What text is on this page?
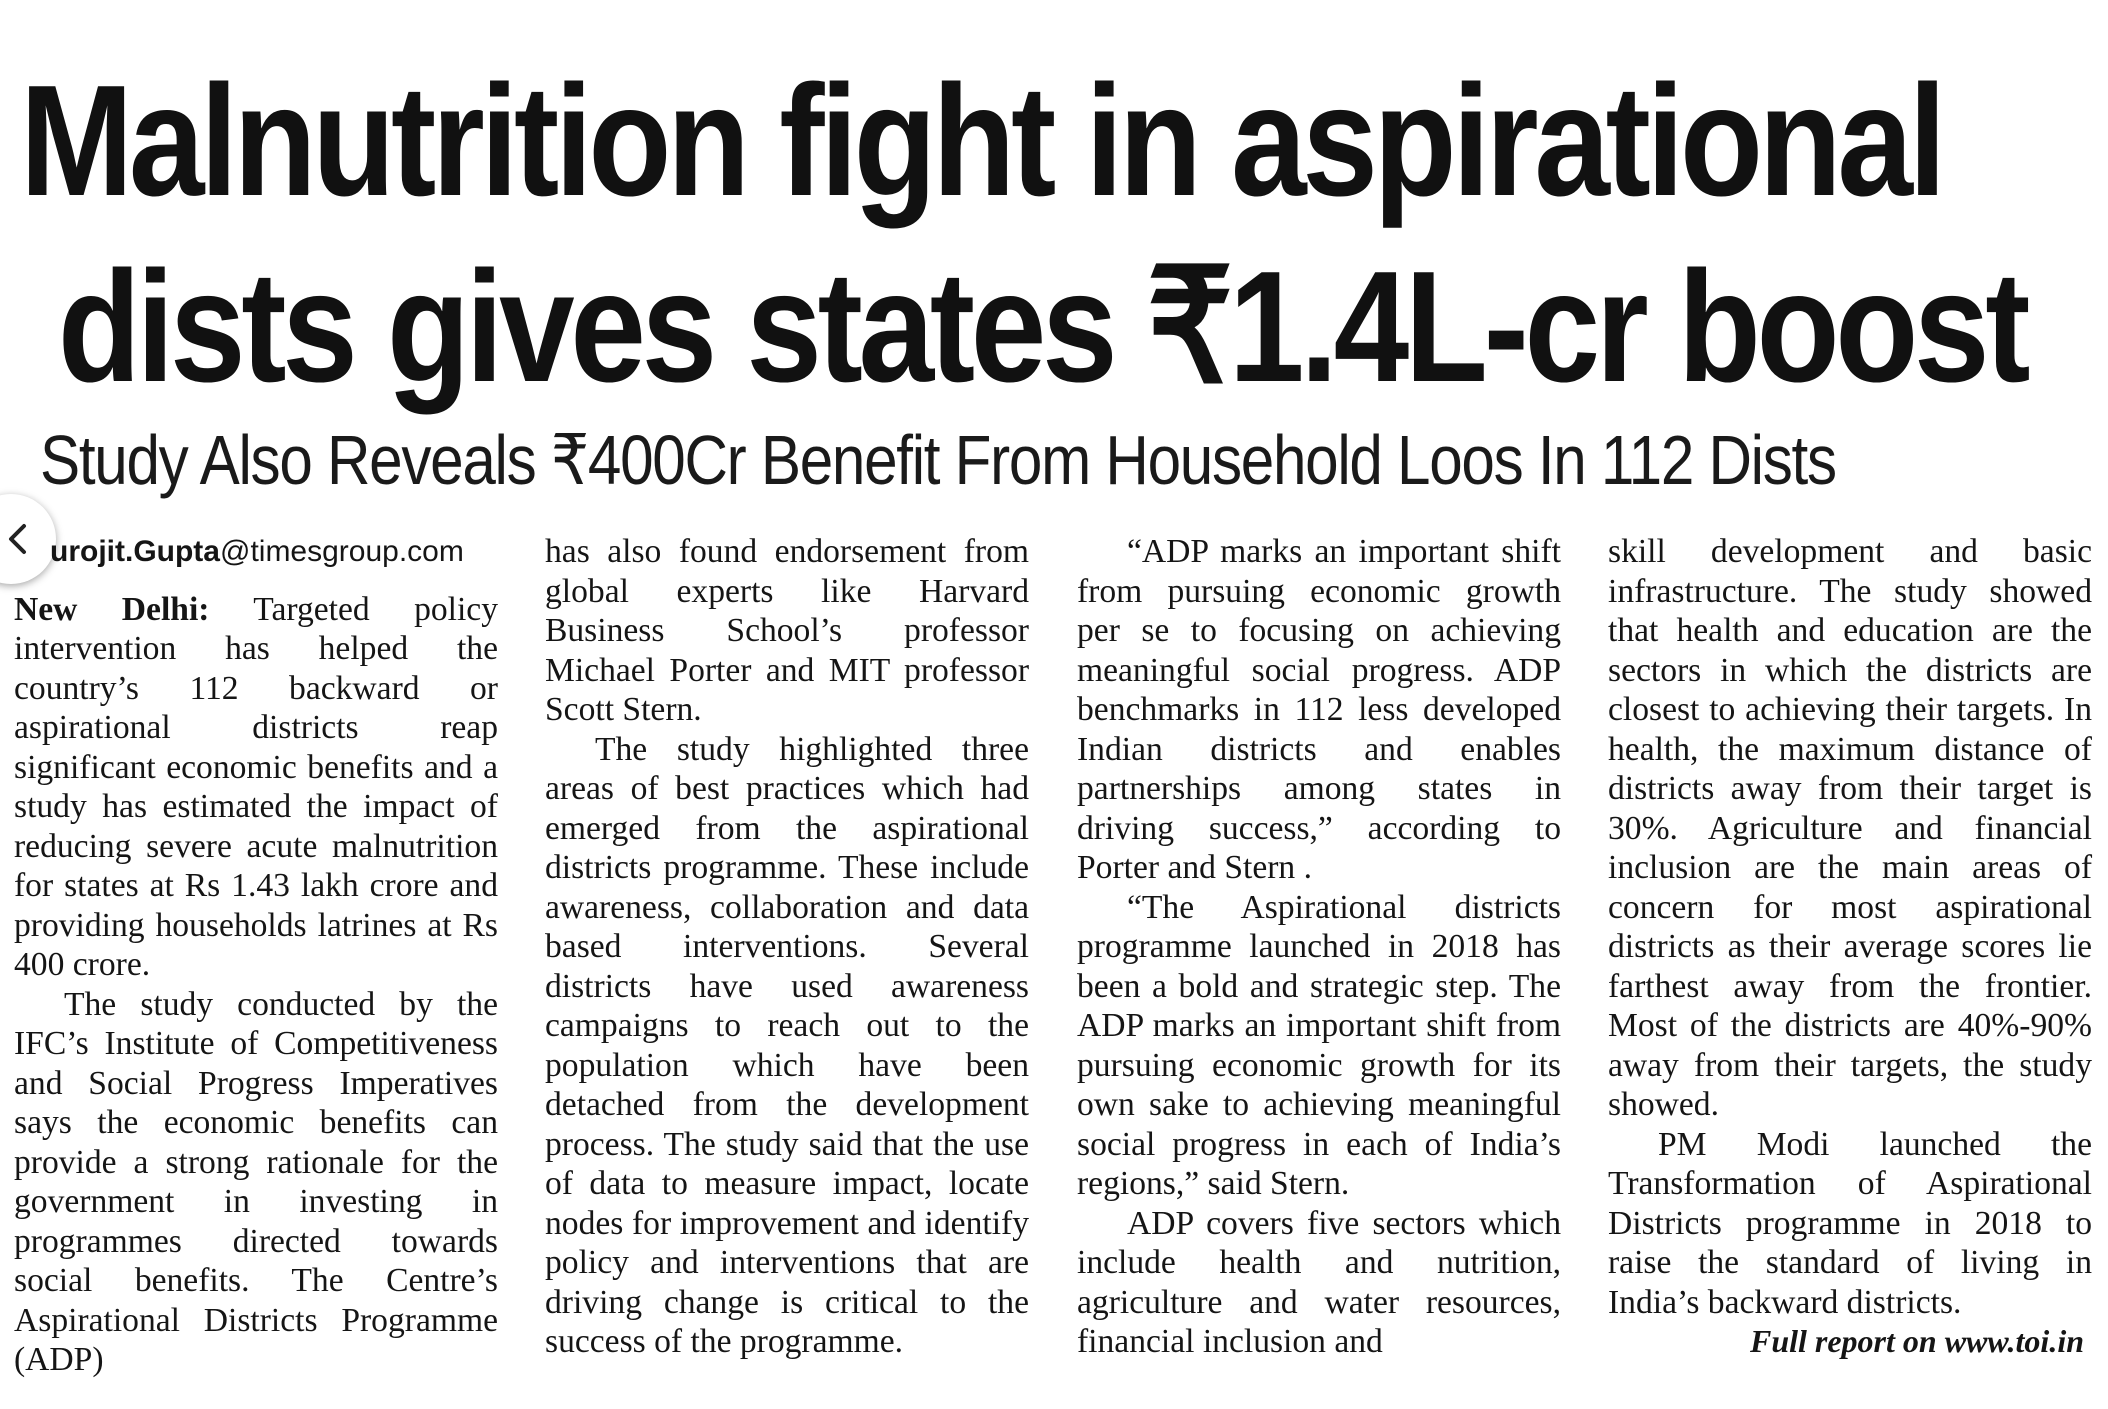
Malnutrition fight in aspirational
dists gives states ₹1.4L-cr boost
Study Also Reveals ₹400Cr Benefit From Household Loos In 112 Dists

urojit.Gupta@timesgroup.com

New Delhi: Targeted policy intervention has helped the country’s 112 backward or aspirational districts reap significant economic benefits and a study has estimated the impact of reducing severe acute malnutrition for states at Rs 1.43 lakh crore and providing households latrines at Rs 400 crore.

The study conducted by the IFC’s Institute of Competitiveness and Social Progress Imperatives says the economic benefits can provide a strong rationale for the government in investing in programmes directed towards social benefits. The Centre’s Aspirational Districts Programme (ADP)

has also found endorsement from global experts like Harvard Business School’s professor Michael Porter and MIT professor Scott Stern.

The study highlighted three areas of best practices which had emerged from the aspirational districts programme. These include awareness, collaboration and data based interventions. Several districts have used awareness campaigns to reach out to the population which have been detached from the development process. The study said that the use of data to measure impact, locate nodes for improvement and identify policy and interventions that are driving change is critical to the success of the programme.

“ADP marks an important shift from pursuing economic growth per se to focusing on achieving meaningful social progress. ADP benchmarks in 112 less developed Indian districts and enables partnerships among states in driving success,” according to Porter and Stern .

“The Aspirational districts programme launched in 2018 has been a bold and strategic step. The ADP marks an important shift from pursuing economic growth for its own sake to achieving meaningful social progress in each of India’s regions,” said Stern.

ADP covers five sectors which include health and nutrition, agriculture and water resources, financial inclusion and

skill development and basic infrastructure. The study showed that health and education are the sectors in which the districts are closest to achieving their targets. In health, the maximum distance of districts away from their target is 30%. Agriculture and financial inclusion are the main areas of concern for most aspirational districts as their average scores lie farthest away from the frontier. Most of the districts are 40%-90% away from their targets, the study showed.

PM Modi launched the Transformation of Aspirational Districts programme in 2018 to raise the standard of living in India’s backward districts.

Full report on www.toi.in
